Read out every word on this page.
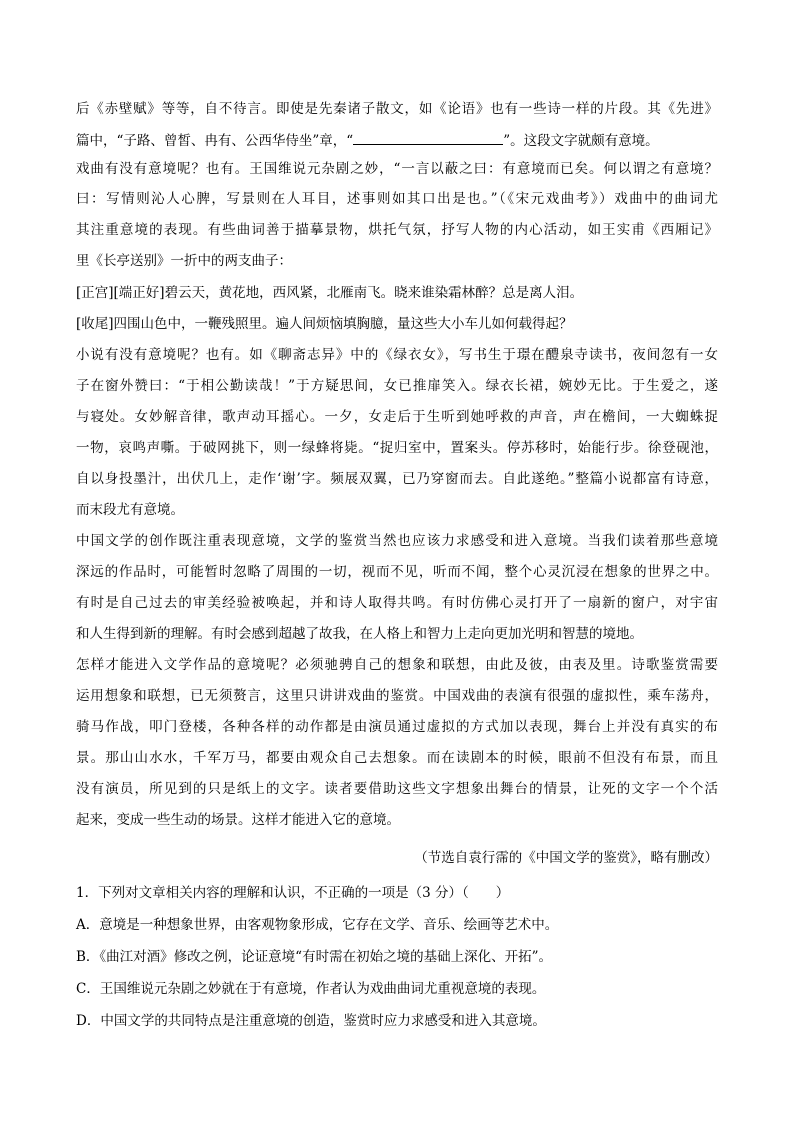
后《赤壁赋》等等，自不待言。即使是先秦诸子散文，如《论语》也有一些诗一样的片段。其《先进》
篇中，“子路、曾皙、冉有、公西华侍坐”章，“	”。这段文字就颇有意境。
戏曲有没有意境呢？也有。王国维说元杂剧之妙，“一言以蔽之曰：有意境而已矣。何以谓之有意境？
曰：写情则沁人心脾，写景则在人耳目，述事则如其口出是也。”（《宋元戏曲考》）戏曲中的曲词尤
其注重意境的表现。有些曲词善于描摹景物，烘托气氛，抒写人物的内心活动，如王实甫《西厢记》
里《长亭送别》一折中的两支曲子：
[正宫][端正好]碧云天，黄花地，西风紧，北雁南飞。晓来谁染霜林醉？总是离人泪。
[收尾]四围山色中，一鞭残照里。遍人间烦恼填胸臆，量这些大小车儿如何载得起？
小说有没有意境呢？也有。如《聊斋志异》中的《绿衣女》，写书生于璟在醴泉寺读书，夜间忽有一女
子在窗外赞曰：“于相公勤读哉！”于方疑思间，女已推扉笑入。绿衣长裙，婉妙无比。于生爱之，遂
与寝处。女妙解音律，歌声动耳摇心。一夕，女走后于生听到她呼救的声音，声在檐间，一大蜘蛛捉
一物，哀鸣声嘶。于破网挑下，则一绿蜂将毙。“捉归室中，置案头。停苏移时，始能行步。徐登砚池，
自以身投墨汁，出伏几上，走作‘谢’字。频展双翼，已乃穿窗而去。自此遂绝。”整篇小说都富有诗意，
而末段尤有意境。
中国文学的创作既注重表现意境，文学的鉴赏当然也应该力求感受和进入意境。当我们读着那些意境
深远的作品时，可能暂时忽略了周围的一切，视而不见，听而不闻，整个心灵沉浸在想象的世界之中。
有时是自己过去的审美经验被唤起，并和诗人取得共鸣。有时仿佛心灵打开了一扇新的窗户，对宇宙
和人生得到新的理解。有时会感到超越了故我，在人格上和智力上走向更加光明和智慧的境地。
怎样才能进入文学作品的意境呢？必须驰骋自己的想象和联想，由此及彼，由表及里。诗歌鉴赏需要
运用想象和联想，已无须赘言，这里只讲讲戏曲的鉴赏。中国戏曲的表演有很强的虚拟性，乘车荡舟，
骑马作战，叩门登楼，各种各样的动作都是由演员通过虚拟的方式加以表现，舞台上并没有真实的布
景。那山山水水，千军万马，都要由观众自己去想象。而在读剧本的时候，眼前不但没有布景，而且
没有演员，所见到的只是纸上的文字。读者要借助这些文字想象出舞台的情景，让死的文字一个个活
起来，变成一些生动的场景。这样才能进入它的意境。
（节选自袁行霈的《中国文学的鉴赏》，略有删改）
1．下列对文章相关内容的理解和认识，不正确的一项是（3 分）（　　）
A．意境是一种想象世界，由客观物象形成，它存在文学、音乐、绘画等艺术中。
B．《曲江对酒》修改之例，论证意境“有时需在初始之境的基础上深化、开拓”。
C．王国维说元杂剧之妙就在于有意境，作者认为戏曲曲词尤重视意境的表现。
D．中国文学的共同特点是注重意境的创造，鉴赏时应力求感受和进入其意境。
